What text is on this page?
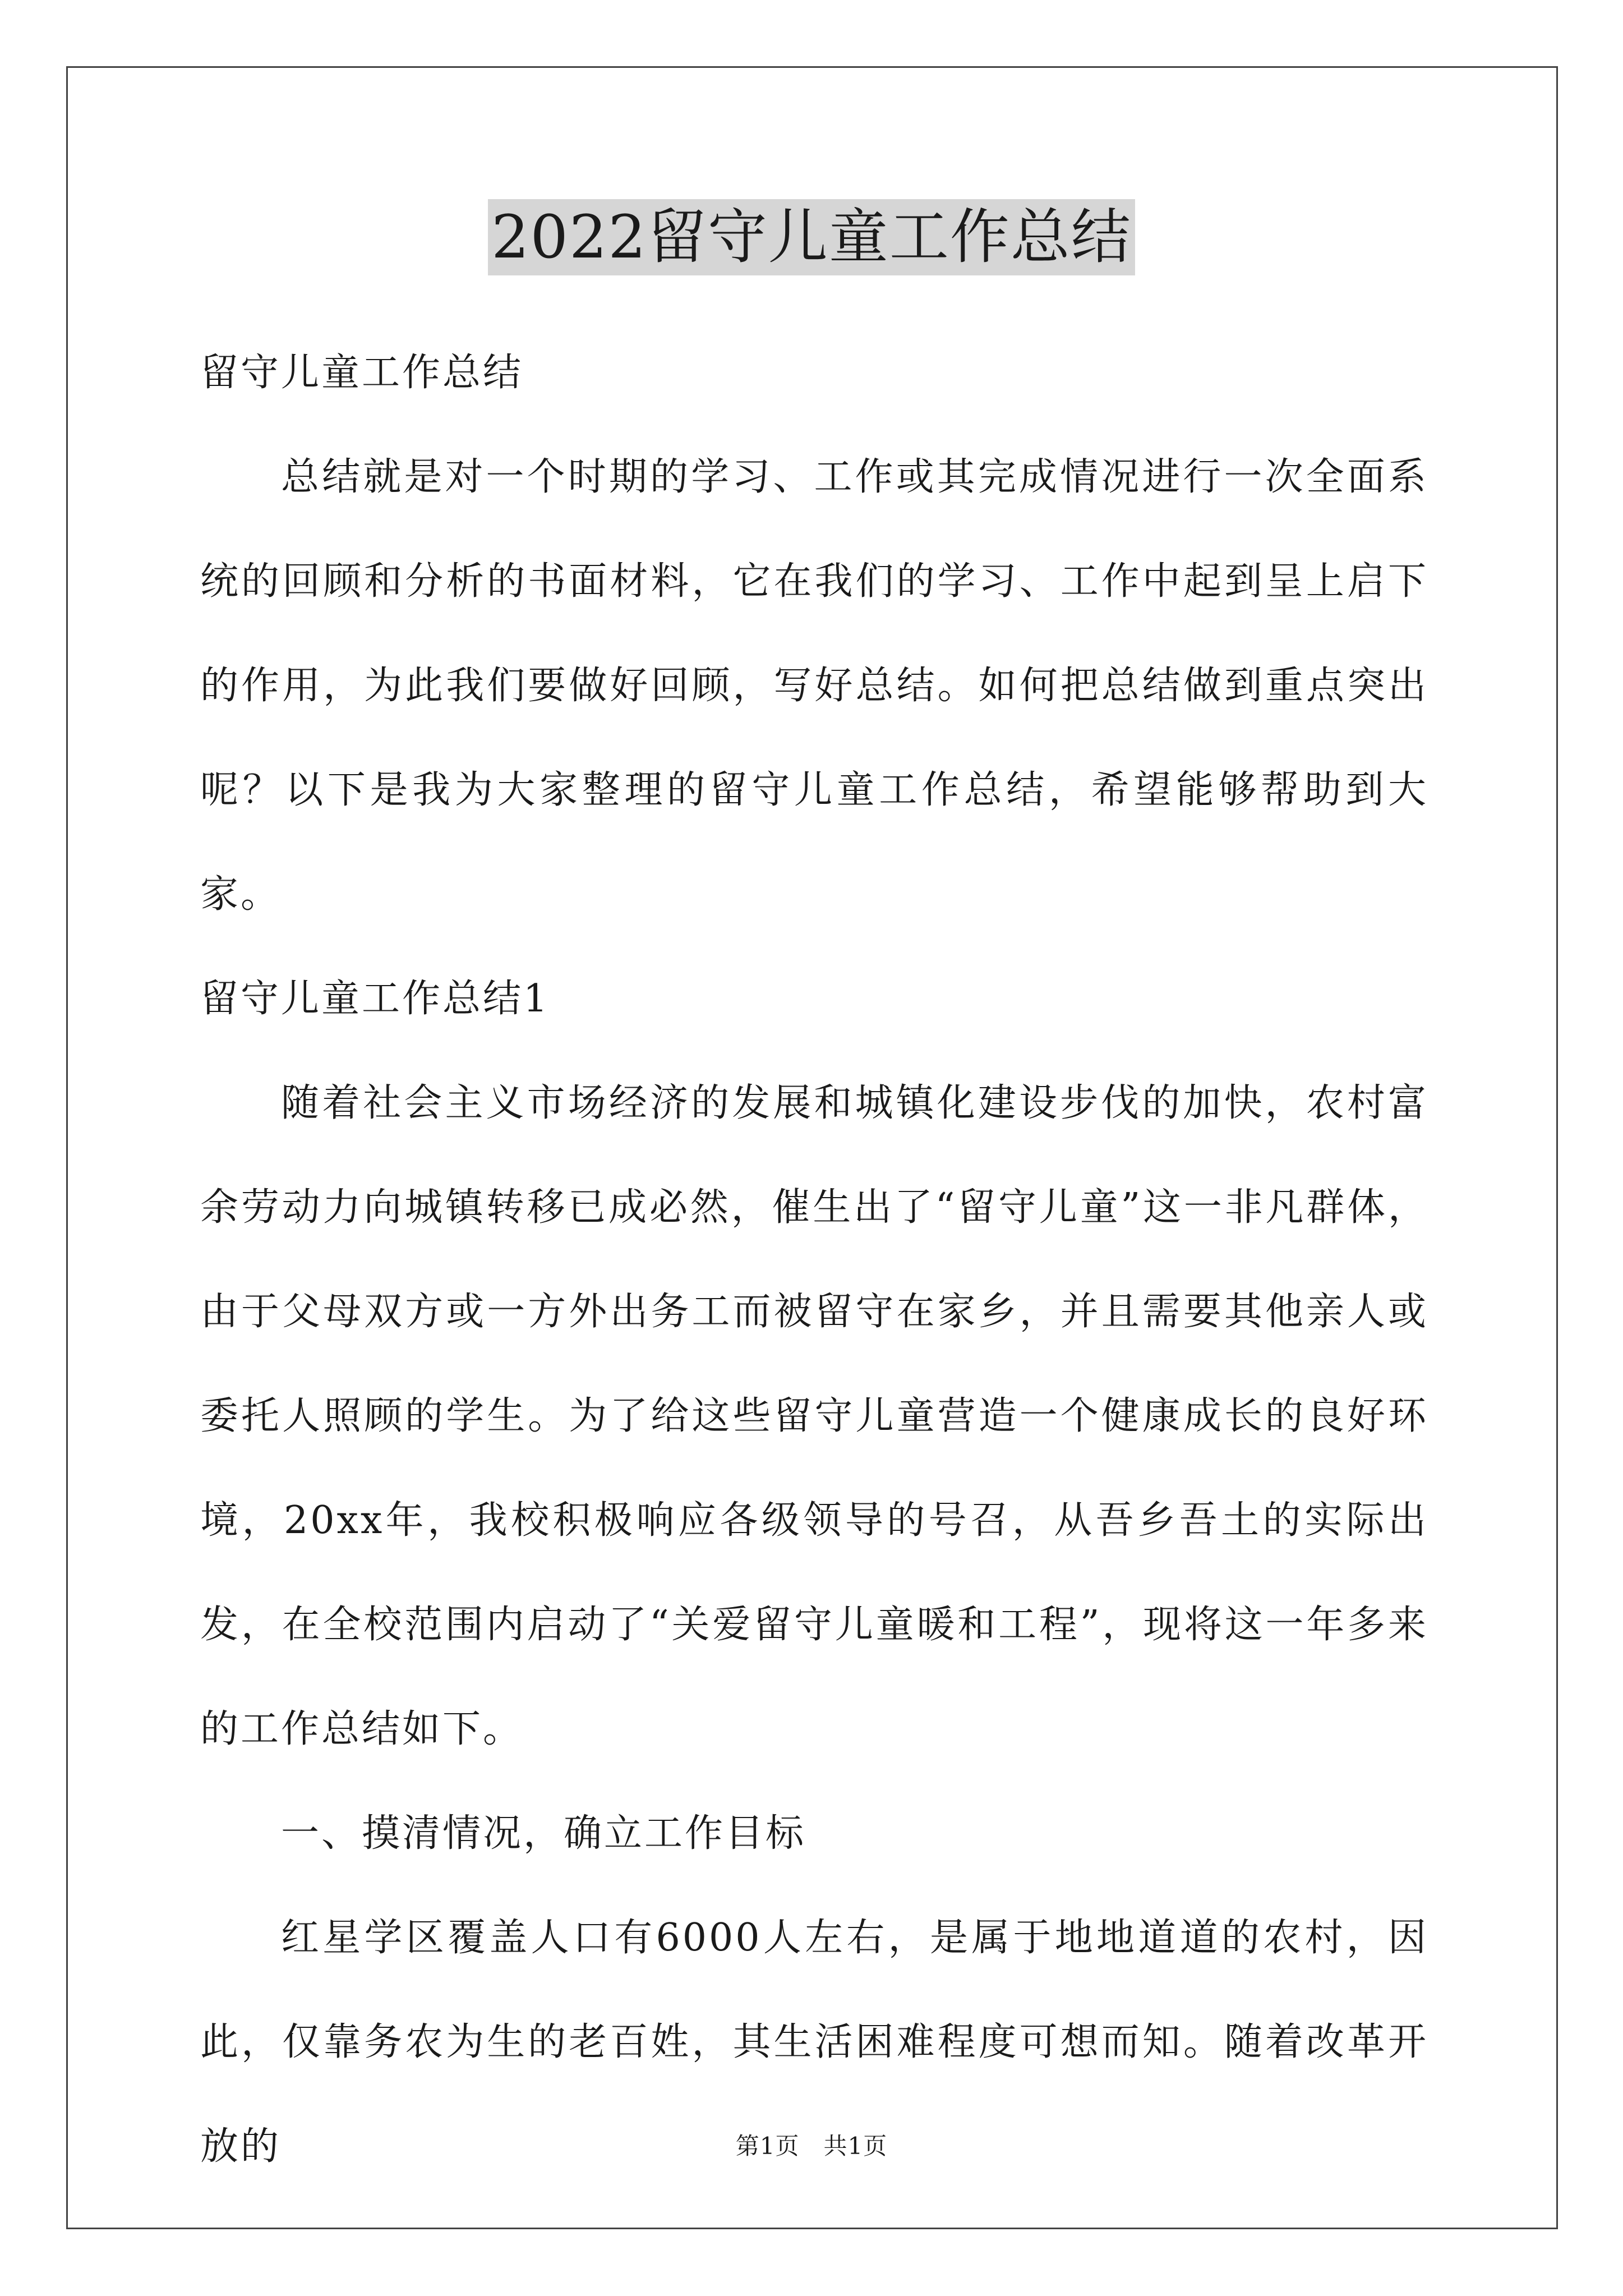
2022留守儿童工作总结

留守儿童工作总结

总结就是对一个时期的学习、工作或其完成情况进行一次全面系统的回顾和分析的书面材料，它在我们的学习、工作中起到呈上启下的作用，为此我们要做好回顾，写好总结。如何把总结做到重点突出呢？以下是我为大家整理的留守儿童工作总结，希望能够帮助到大家。

留守儿童工作总结1

随着社会主义市场经济的发展和城镇化建设步伐的加快，农村富余劳动力向城镇转移已成必然，催生出了“留守儿童”这一非凡群体，由于父母双方或一方外出务工而被留守在家乡，并且需要其他亲人或委托人照顾的学生。为了给这些留守儿童营造一个健康成长的良好环境，20xx年，我校积极响应各级领导的号召，从吾乡吾土的实际出发，在全校范围内启动了“关爱留守儿童暖和工程”，现将这一年多来的工作总结如下。

一、摸清情况，确立工作目标

红星学区覆盖人口有6000人左右，是属于地地道道的农村，因此，仅靠务农为生的老百姓，其生活困难程度可想而知。随着改革开放的	第1页　共1页
